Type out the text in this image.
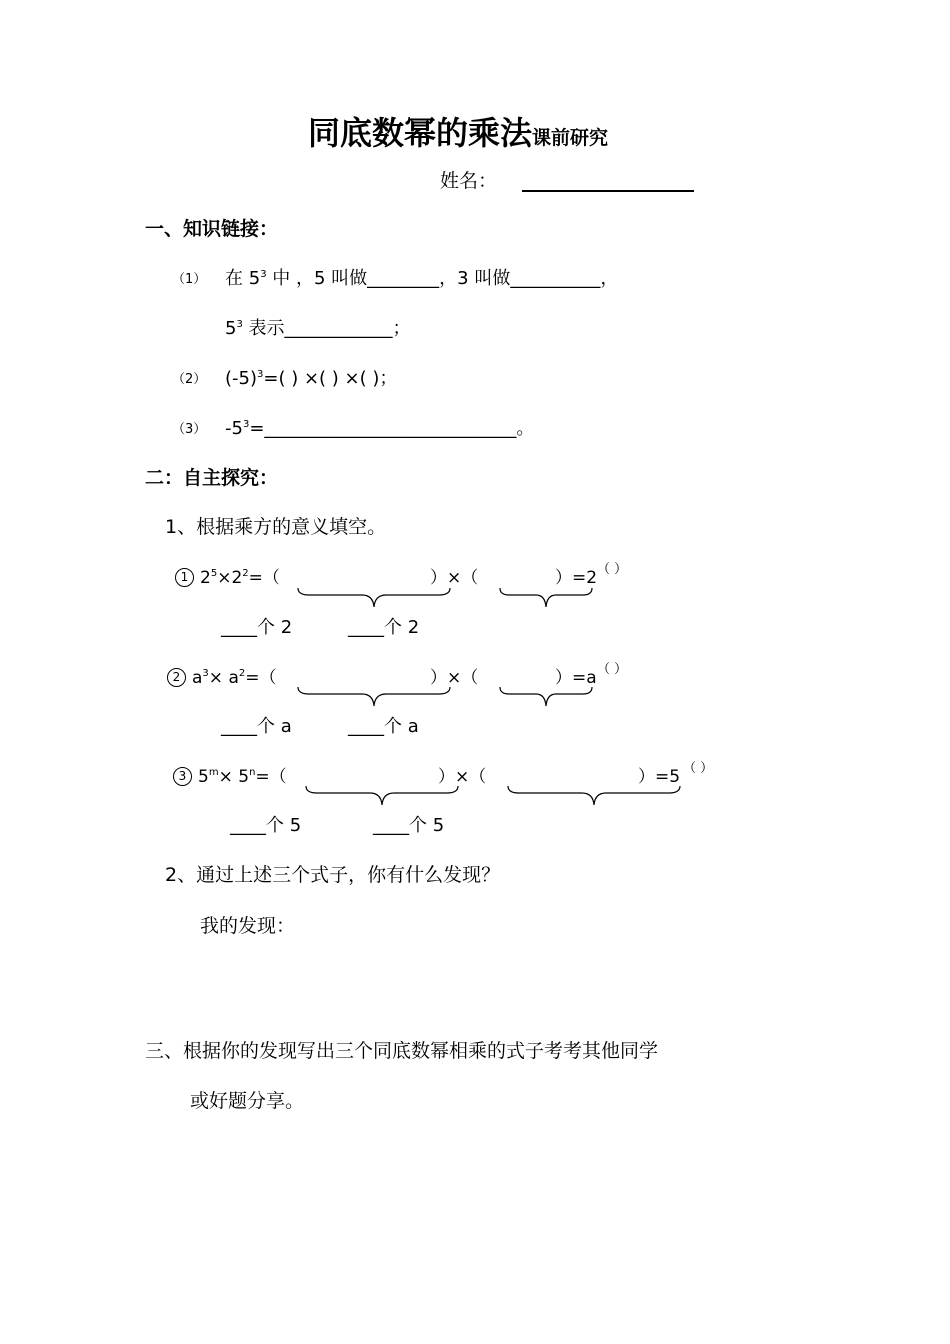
同底数幂的乘法课前研究
姓名：
一、知识链接：
（1） 在 $5^3$ 中 ，5 叫做________，3 叫做__________，
$5^3$ 表示____________；
（2） $(-5)^3=$( ) ×( ) ×( )；
（3） $-5^3=\_\_\_\_\_\_\_\_\_\_\_\_\_\_\_\_\_\_\_\_\_\_\_\_\_\_\_\_$。
二：自主探究：
1、根据乘方的意义填空。
1 $2^5\times 2^2=$（	）×（	）=2 （ ）
____个 2	____个 2
2 $a^3\times a^2=$（	）×（	）=a （ ）
____个 a	____个 a
3 $5^m\times 5^n=$（	）×（	）=5 （ ）
____个 5	____个 5
2、通过上述三个式子，你有什么发现？
我的发现：
三、根据你的发现写出三个同底数幂相乘的式子考考其他同学
或好题分享。
